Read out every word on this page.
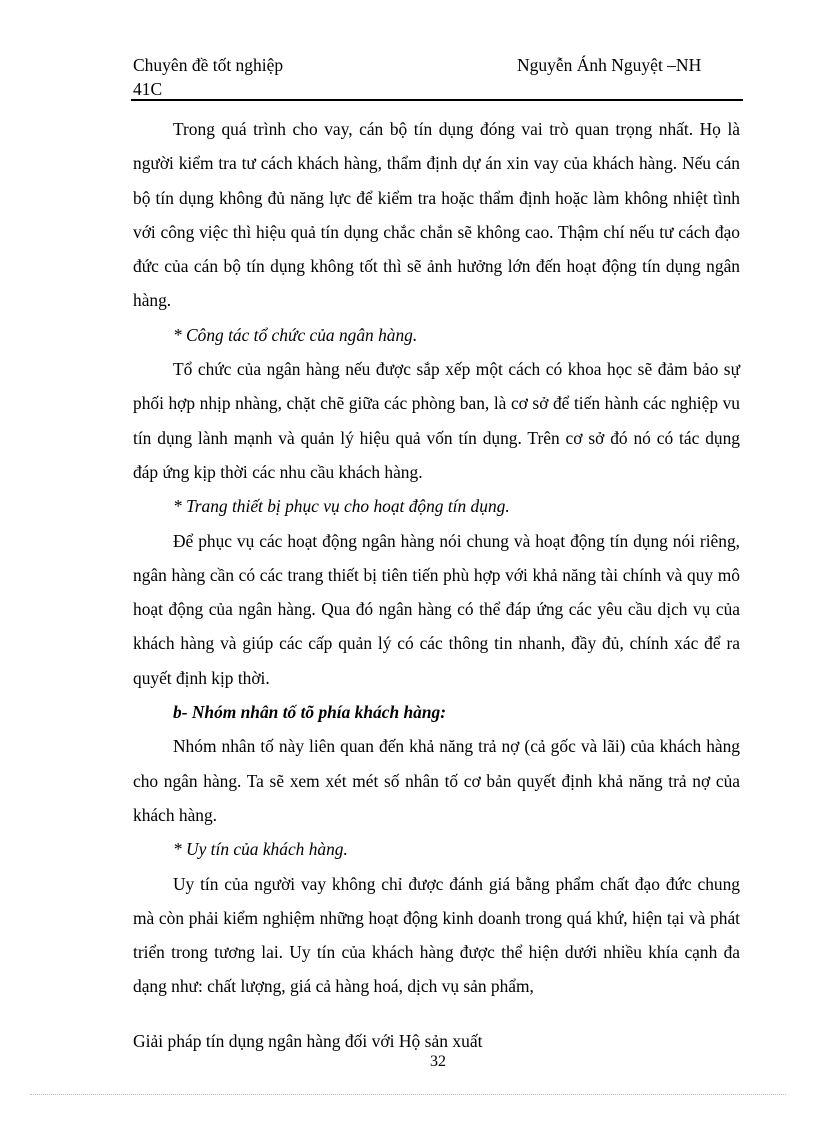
Chuyên đề tốt nghiệp
41C
Nguyễn Ánh Nguyệt –NH

Trong quá trình cho vay, cán bộ tín dụng đóng vai trò quan trọng nhất. Họ là người kiểm tra tư cách khách hàng, thẩm định dự án xin vay của khách hàng. Nếu cán bộ tín dụng không đủ năng lực để kiểm tra hoặc thẩm định hoặc làm không nhiệt tình với công việc thì hiệu quả tín dụng chắc chắn sẽ không cao. Thậm chí nếu tư cách đạo đức của cán bộ tín dụng không tốt thì sẽ ảnh hưởng lớn đến hoạt động tín dụng ngân hàng.

* Công tác tổ chức của ngân hàng.

Tổ chức của ngân hàng nếu được sắp xếp một cách có khoa học sẽ đảm bảo sự phối hợp nhịp nhàng, chặt chẽ giữa các phòng ban, là cơ sở để tiến hành các nghiệp vu tín dụng lành mạnh và quản lý hiệu quả vốn tín dụng. Trên cơ sở đó nó có tác dụng đáp ứng kịp thời các nhu cầu khách hàng.

* Trang thiết bị phục vụ cho hoạt động tín dụng.

Để phục vụ các hoạt động ngân hàng nói chung và hoạt động tín dụng nói riêng, ngân hàng cần có các trang thiết bị tiên tiến phù hợp với khả năng tài chính và quy mô hoạt động của ngân hàng. Qua đó ngân hàng có thể đáp ứng các yêu cầu dịch vụ của khách hàng và giúp các cấp quản lý có các thông tin nhanh, đầy đủ, chính xác để ra quyết định kịp thời.

b- Nhóm nhân tố tõ phía khách hàng:

Nhóm nhân tố này liên quan đến khả năng trả nợ (cả gốc và lãi) của khách hàng cho ngân hàng. Ta sẽ xem xét mét số nhân tố cơ bản quyết định khả năng trả nợ của khách hàng.

* Uy tín của khách hàng.

Uy tín của người vay không chỉ được đánh giá bằng phẩm chất đạo đức chung mà còn phải kiểm nghiệm những hoạt động kinh doanh trong quá khứ, hiện tại và phát triển trong tương lai. Uy tín của khách hàng được thể hiện dưới nhiều khía cạnh đa dạng như: chất lượng, giá cả hàng hoá, dịch vụ sản phẩm,

Giải pháp tín dụng ngân hàng đối với Hộ sản xuất
32
